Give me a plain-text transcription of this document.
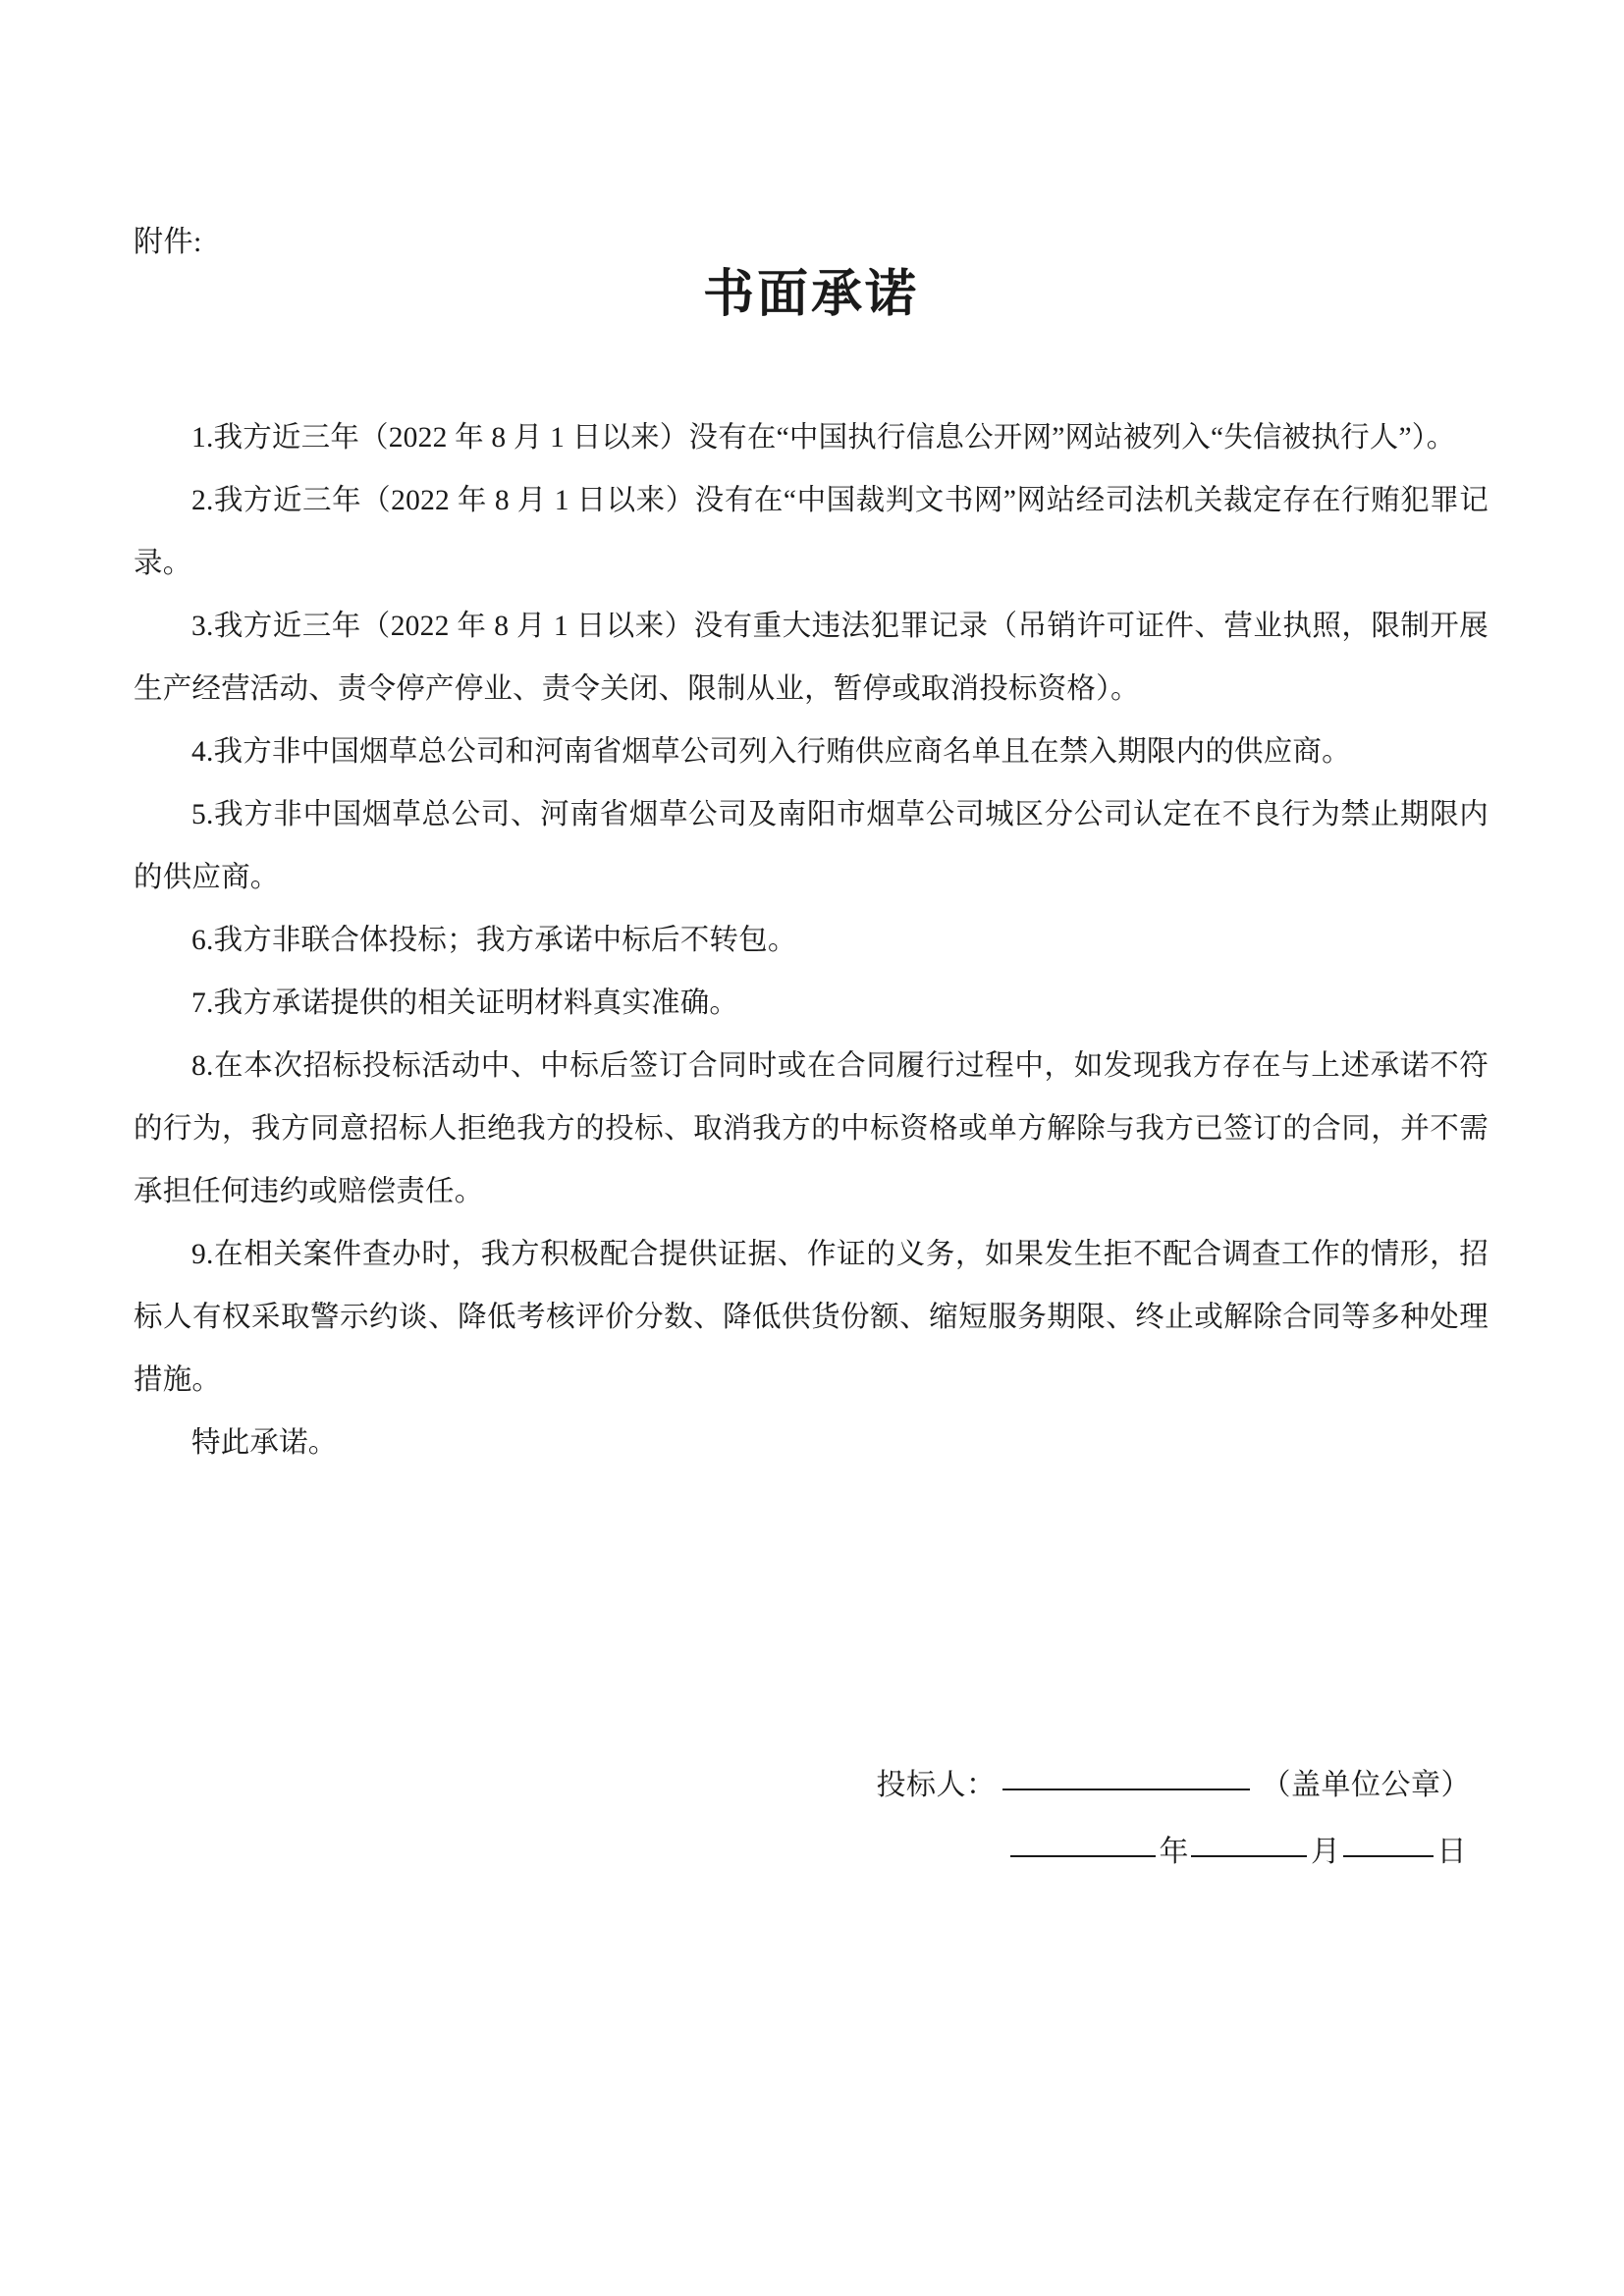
附件:
书面承诺

1.我方近三年（2022 年 8 月 1 日以来）没有在“中国执行信息公开网”网站被列入“失信被执行人”）。

2.我方近三年（2022 年 8 月 1 日以来）没有在“中国裁判文书网”网站经司法机关裁定存在行贿犯罪记录。

3.我方近三年（2022 年 8 月 1 日以来）没有重大违法犯罪记录（吊销许可证件、营业执照，限制开展生产经营活动、责令停产停业、责令关闭、限制从业，暂停或取消投标资格）。

4.我方非中国烟草总公司和河南省烟草公司列入行贿供应商名单且在禁入期限内的供应商。

5.我方非中国烟草总公司、河南省烟草公司及南阳市烟草公司城区分公司认定在不良行为禁止期限内的供应商。

6.我方非联合体投标；我方承诺中标后不转包。

7.我方承诺提供的相关证明材料真实准确。

8.在本次招标投标活动中、中标后签订合同时或在合同履行过程中，如发现我方存在与上述承诺不符的行为，我方同意招标人拒绝我方的投标、取消我方的中标资格或单方解除与我方已签订的合同，并不需承担任何违约或赔偿责任。

9.在相关案件查办时，我方积极配合提供证据、作证的义务，如果发生拒不配合调查工作的情形，招标人有权采取警示约谈、降低考核评价分数、降低供货份额、缩短服务期限、终止或解除合同等多种处理措施。

特此承诺。

投标人：	（盖单位公章）
年	月	日
